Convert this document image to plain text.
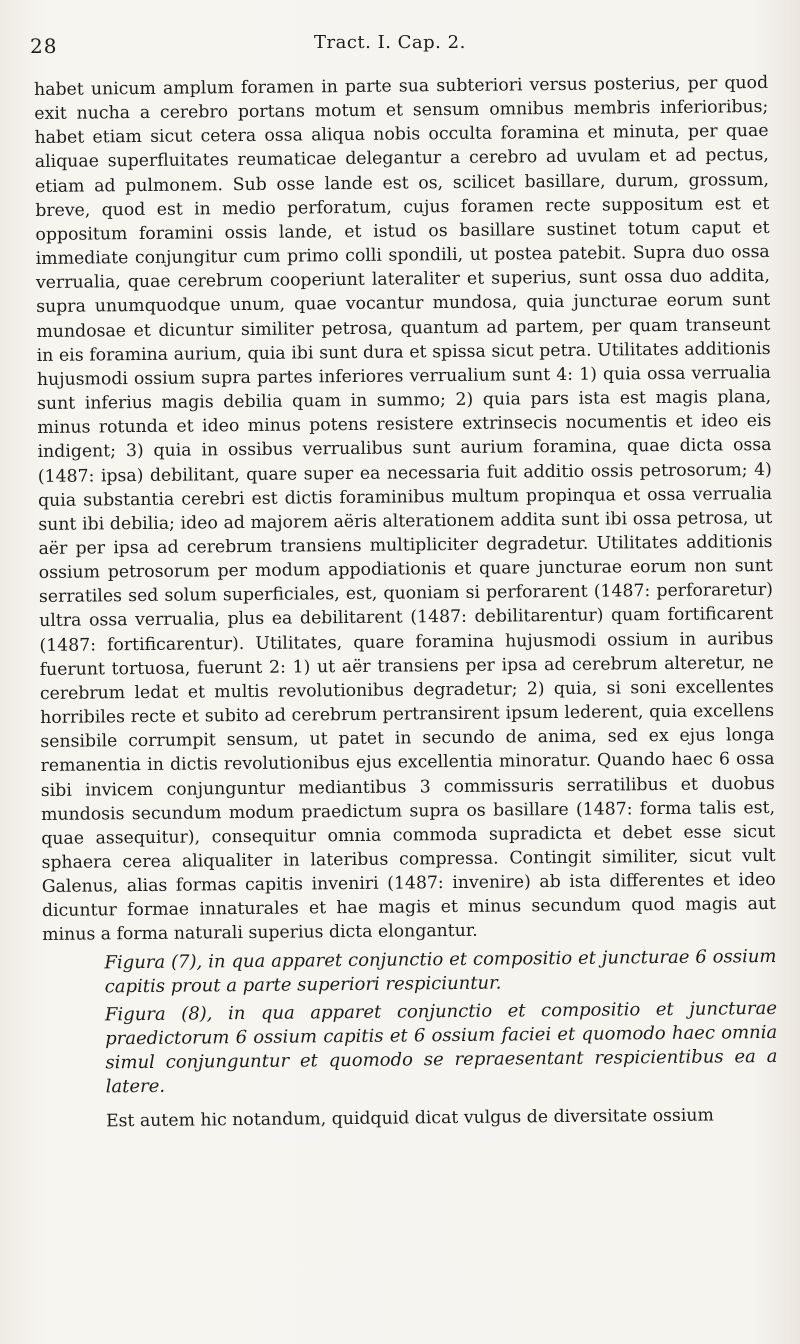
28	Tract. I. Cap. 2.

habet unicum amplum foramen in parte sua subteriori versus posterius, per quod exit nucha a cerebro portans motum et sensum omnibus membris inferioribus; habet etiam sicut cetera ossa aliqua nobis occulta foramina et minuta, per quae aliquae superfluitates reumaticae delegantur a cerebro ad uvulam et ad pectus, etiam ad pulmonem. Sub osse lande est os, scilicet basillare, durum, grossum, breve, quod est in medio perforatum, cujus foramen recte suppositum est et oppositum foramini ossis lande, et istud os basillare sustinet totum caput et immediate conjungitur cum primo colli spondili, ut postea patebit. Supra duo ossa verrualia, quae cerebrum cooperiunt lateraliter et superius, sunt ossa duo addita, supra unumquodque unum, quae vocantur mundosa, quia juncturae eorum sunt mundosae et dicuntur similiter petrosa, quantum ad partem, per quam transeunt in eis foramina aurium, quia ibi sunt dura et spissa sicut petra. Utilitates additionis hujusmodi ossium supra partes inferiores verrualium sunt 4: 1) quia ossa verrualia sunt inferius magis debilia quam in summo; 2) quia pars ista est magis plana, minus rotunda et ideo minus potens resistere extrinsecis nocumentis et ideo eis indigent; 3) quia in ossibus verrualibus sunt aurium foramina, quae dicta ossa (1487: ipsa) debilitant, quare super ea necessaria fuit additio ossis petrosorum; 4) quia substantia cerebri est dictis foraminibus multum propinqua et ossa verrualia sunt ibi debilia; ideo ad majorem aëris alterationem addita sunt ibi ossa petrosa, ut aër per ipsa ad cerebrum transiens multipliciter degradetur. Utilitates additionis ossium petrosorum per modum appodiationis et quare juncturae eorum non sunt serratiles sed solum superficiales, est, quoniam si perforarent (1487: perforaretur) ultra ossa verrualia, plus ea debilitarent (1487: debilitarentur) quam fortificarent (1487: fortificarentur). Utilitates, quare foramina hujusmodi ossium in auribus fuerunt tortuosa, fuerunt 2: 1) ut aër transiens per ipsa ad cerebrum alteretur, ne cerebrum ledat et multis revolutionibus degradetur; 2) quia, si soni excellentes horribiles recte et subito ad cerebrum pertransirent ipsum lederent, quia excellens sensibile corrumpit sensum, ut patet in secundo de anima, sed ex ejus longa remanentia in dictis revolutionibus ejus excellentia minoratur. Quando haec 6 ossa sibi invicem conjunguntur mediantibus 3 commissuris serratilibus et duobus mundosis secundum modum praedictum supra os basillare (1487: forma talis est, quae assequitur), consequitur omnia commoda supradicta et debet esse sicut sphaera cerea aliqualiter in lateribus compressa. Contingit similiter, sicut vult Galenus, alias formas capitis inveniri (1487: invenire) ab ista differentes et ideo dicuntur formae innaturales et hae magis et minus secundum quod magis aut minus a forma naturali superius dicta elongantur.

Figura (7), in qua apparet conjunctio et compositio et juncturae 6 ossium capitis prout a parte superiori respiciuntur.

Figura (8), in qua apparet conjunctio et compositio et juncturae praedictorum 6 ossium capitis et 6 ossium faciei et quomodo haec omnia simul conjunguntur et quomodo se repraesentant respicientibus ea a latere.

Est autem hic notandum, quidquid dicat vulgus de diversitate ossium
